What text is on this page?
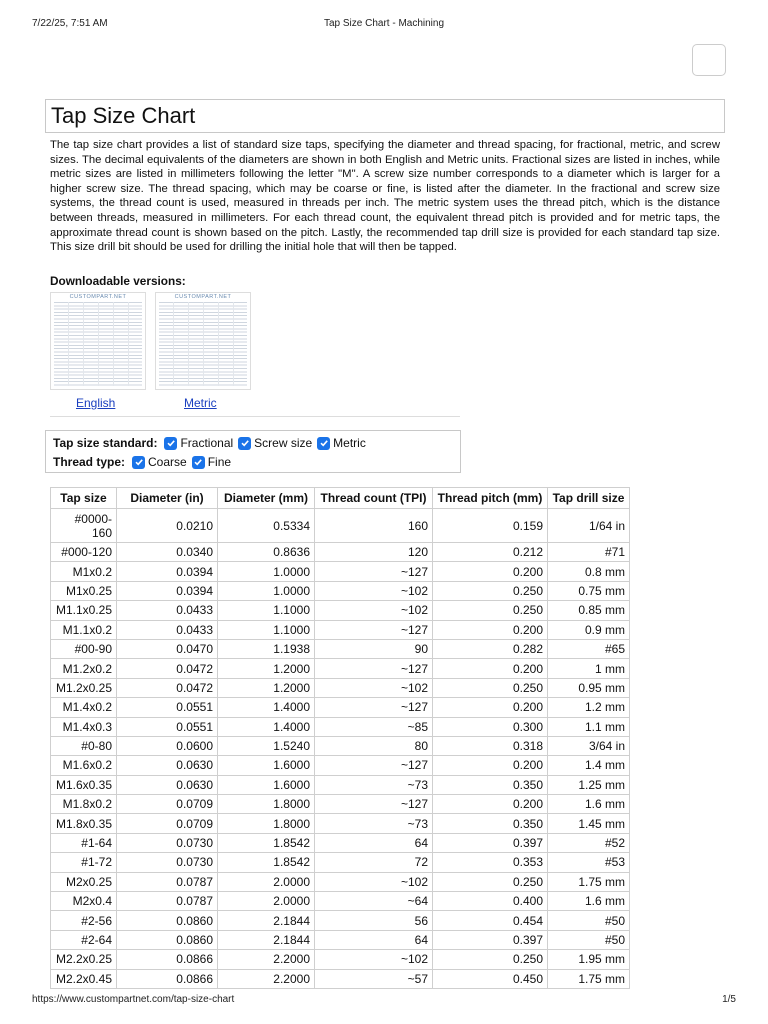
7/22/25, 7:51 AM	Tap Size Chart - Machining
Tap Size Chart

The tap size chart provides a list of standard size taps, specifying the diameter and thread spacing, for fractional, metric, and screw sizes. The decimal equivalents of the diameters are shown in both English and Metric units. Fractional sizes are listed in inches, while metric sizes are listed in millimeters following the letter "M". A screw size number corresponds to a diameter which is larger for a higher screw size. The thread spacing, which may be coarse or fine, is listed after the diameter. In the fractional and screw size systems, the thread count is used, measured in threads per inch. The metric system uses the thread pitch, which is the distance between threads, measured in millimeters. For each thread count, the equivalent thread pitch is provided and for metric taps, the approximate thread count is shown based on the pitch. Lastly, the recommended tap drill size is provided for each standard tap size. This size drill bit should be used for drilling the initial hole that will then be tapped.

Downloadable versions:
CUSTOMPART.NET	CUSTOMPART.NET
English	Metric
Tap size standard: Fractional Screw size Metric
Thread type: Coarse Fine
Tap size	Diameter (in)	Diameter (mm)	Thread count (TPI)	Thread pitch (mm)	Tap drill size
#0000-160	0.0210	0.5334	160	0.159	1/64 in
#000-120	0.0340	0.8636	120	0.212	#71
M1x0.2	0.0394	1.0000	~127	0.200	0.8 mm
M1x0.25	0.0394	1.0000	~102	0.250	0.75 mm
M1.1x0.25	0.0433	1.1000	~102	0.250	0.85 mm
M1.1x0.2	0.0433	1.1000	~127	0.200	0.9 mm
#00-90	0.0470	1.1938	90	0.282	#65
M1.2x0.2	0.0472	1.2000	~127	0.200	1 mm
M1.2x0.25	0.0472	1.2000	~102	0.250	0.95 mm
M1.4x0.2	0.0551	1.4000	~127	0.200	1.2 mm
M1.4x0.3	0.0551	1.4000	~85	0.300	1.1 mm
#0-80	0.0600	1.5240	80	0.318	3/64 in
M1.6x0.2	0.0630	1.6000	~127	0.200	1.4 mm
M1.6x0.35	0.0630	1.6000	~73	0.350	1.25 mm
M1.8x0.2	0.0709	1.8000	~127	0.200	1.6 mm
M1.8x0.35	0.0709	1.8000	~73	0.350	1.45 mm
#1-64	0.0730	1.8542	64	0.397	#52
#1-72	0.0730	1.8542	72	0.353	#53
M2x0.25	0.0787	2.0000	~102	0.250	1.75 mm
M2x0.4	0.0787	2.0000	~64	0.400	1.6 mm
#2-56	0.0860	2.1844	56	0.454	#50
#2-64	0.0860	2.1844	64	0.397	#50
M2.2x0.25	0.0866	2.2000	~102	0.250	1.95 mm
M2.2x0.45	0.0866	2.2000	~57	0.450	1.75 mm
https://www.custompartnet.com/tap-size-chart	1/5
